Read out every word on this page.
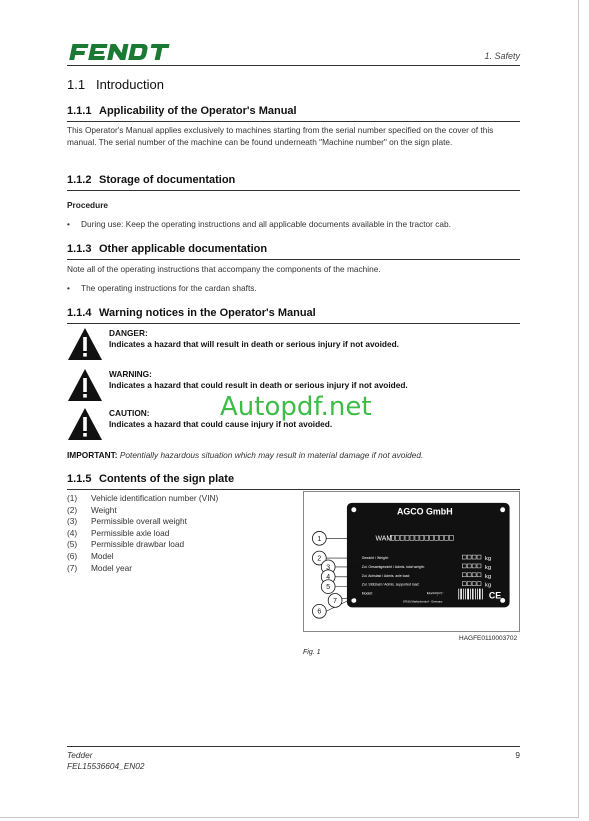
1. Safety
1.1 Introduction
1.1.1 Applicability of the Operator's Manual
This Operator's Manual applies exclusively to machines starting from the serial number specified on the cover of this manual. The serial number of the machine can be found underneath "Machine number" on the sign plate.
1.1.2 Storage of documentation
Procedure
• During use: Keep the operating instructions and all applicable documents available in the tractor cab.
1.1.3 Other applicable documentation
Note all of the operating instructions that accompany the components of the machine.
• The operating instructions for the cardan shafts.
1.1.4 Warning notices in the Operator's Manual
DANGER:
Indicates a hazard that will result in death or serious injury if not avoided.
WARNING:
Indicates a hazard that could result in death or serious injury if not avoided.
CAUTION:
Indicates a hazard that could cause injury if not avoided.
IMPORTANT: Potentially hazardous situation which may result in material damage if not avoided.
1.1.5 Contents of the sign plate
(1) Vehicle identification number (VIN)
(2) Weight
(3) Permissible overall weight
(4) Permissible axle load
(5) Permissible drawbar load
(6) Model
(7) Model year
AGCO GmbH
WAM
Gewicht / Weight:
Zul. Gesamtgewicht / Admis. total weight:
Zul. Achslast / Admis. axle load:
Zul. Stützlast / Admis. supported load:
kg
kg
kg
kg
Modell:	Modelljahr:
87616 Marktoberdorf - Germany
CE
1
2
3
4
5
6
7
HAGFE0110003702
Fig. 1
Autopdf.net
Tedder
FEL15536604_EN02
9
